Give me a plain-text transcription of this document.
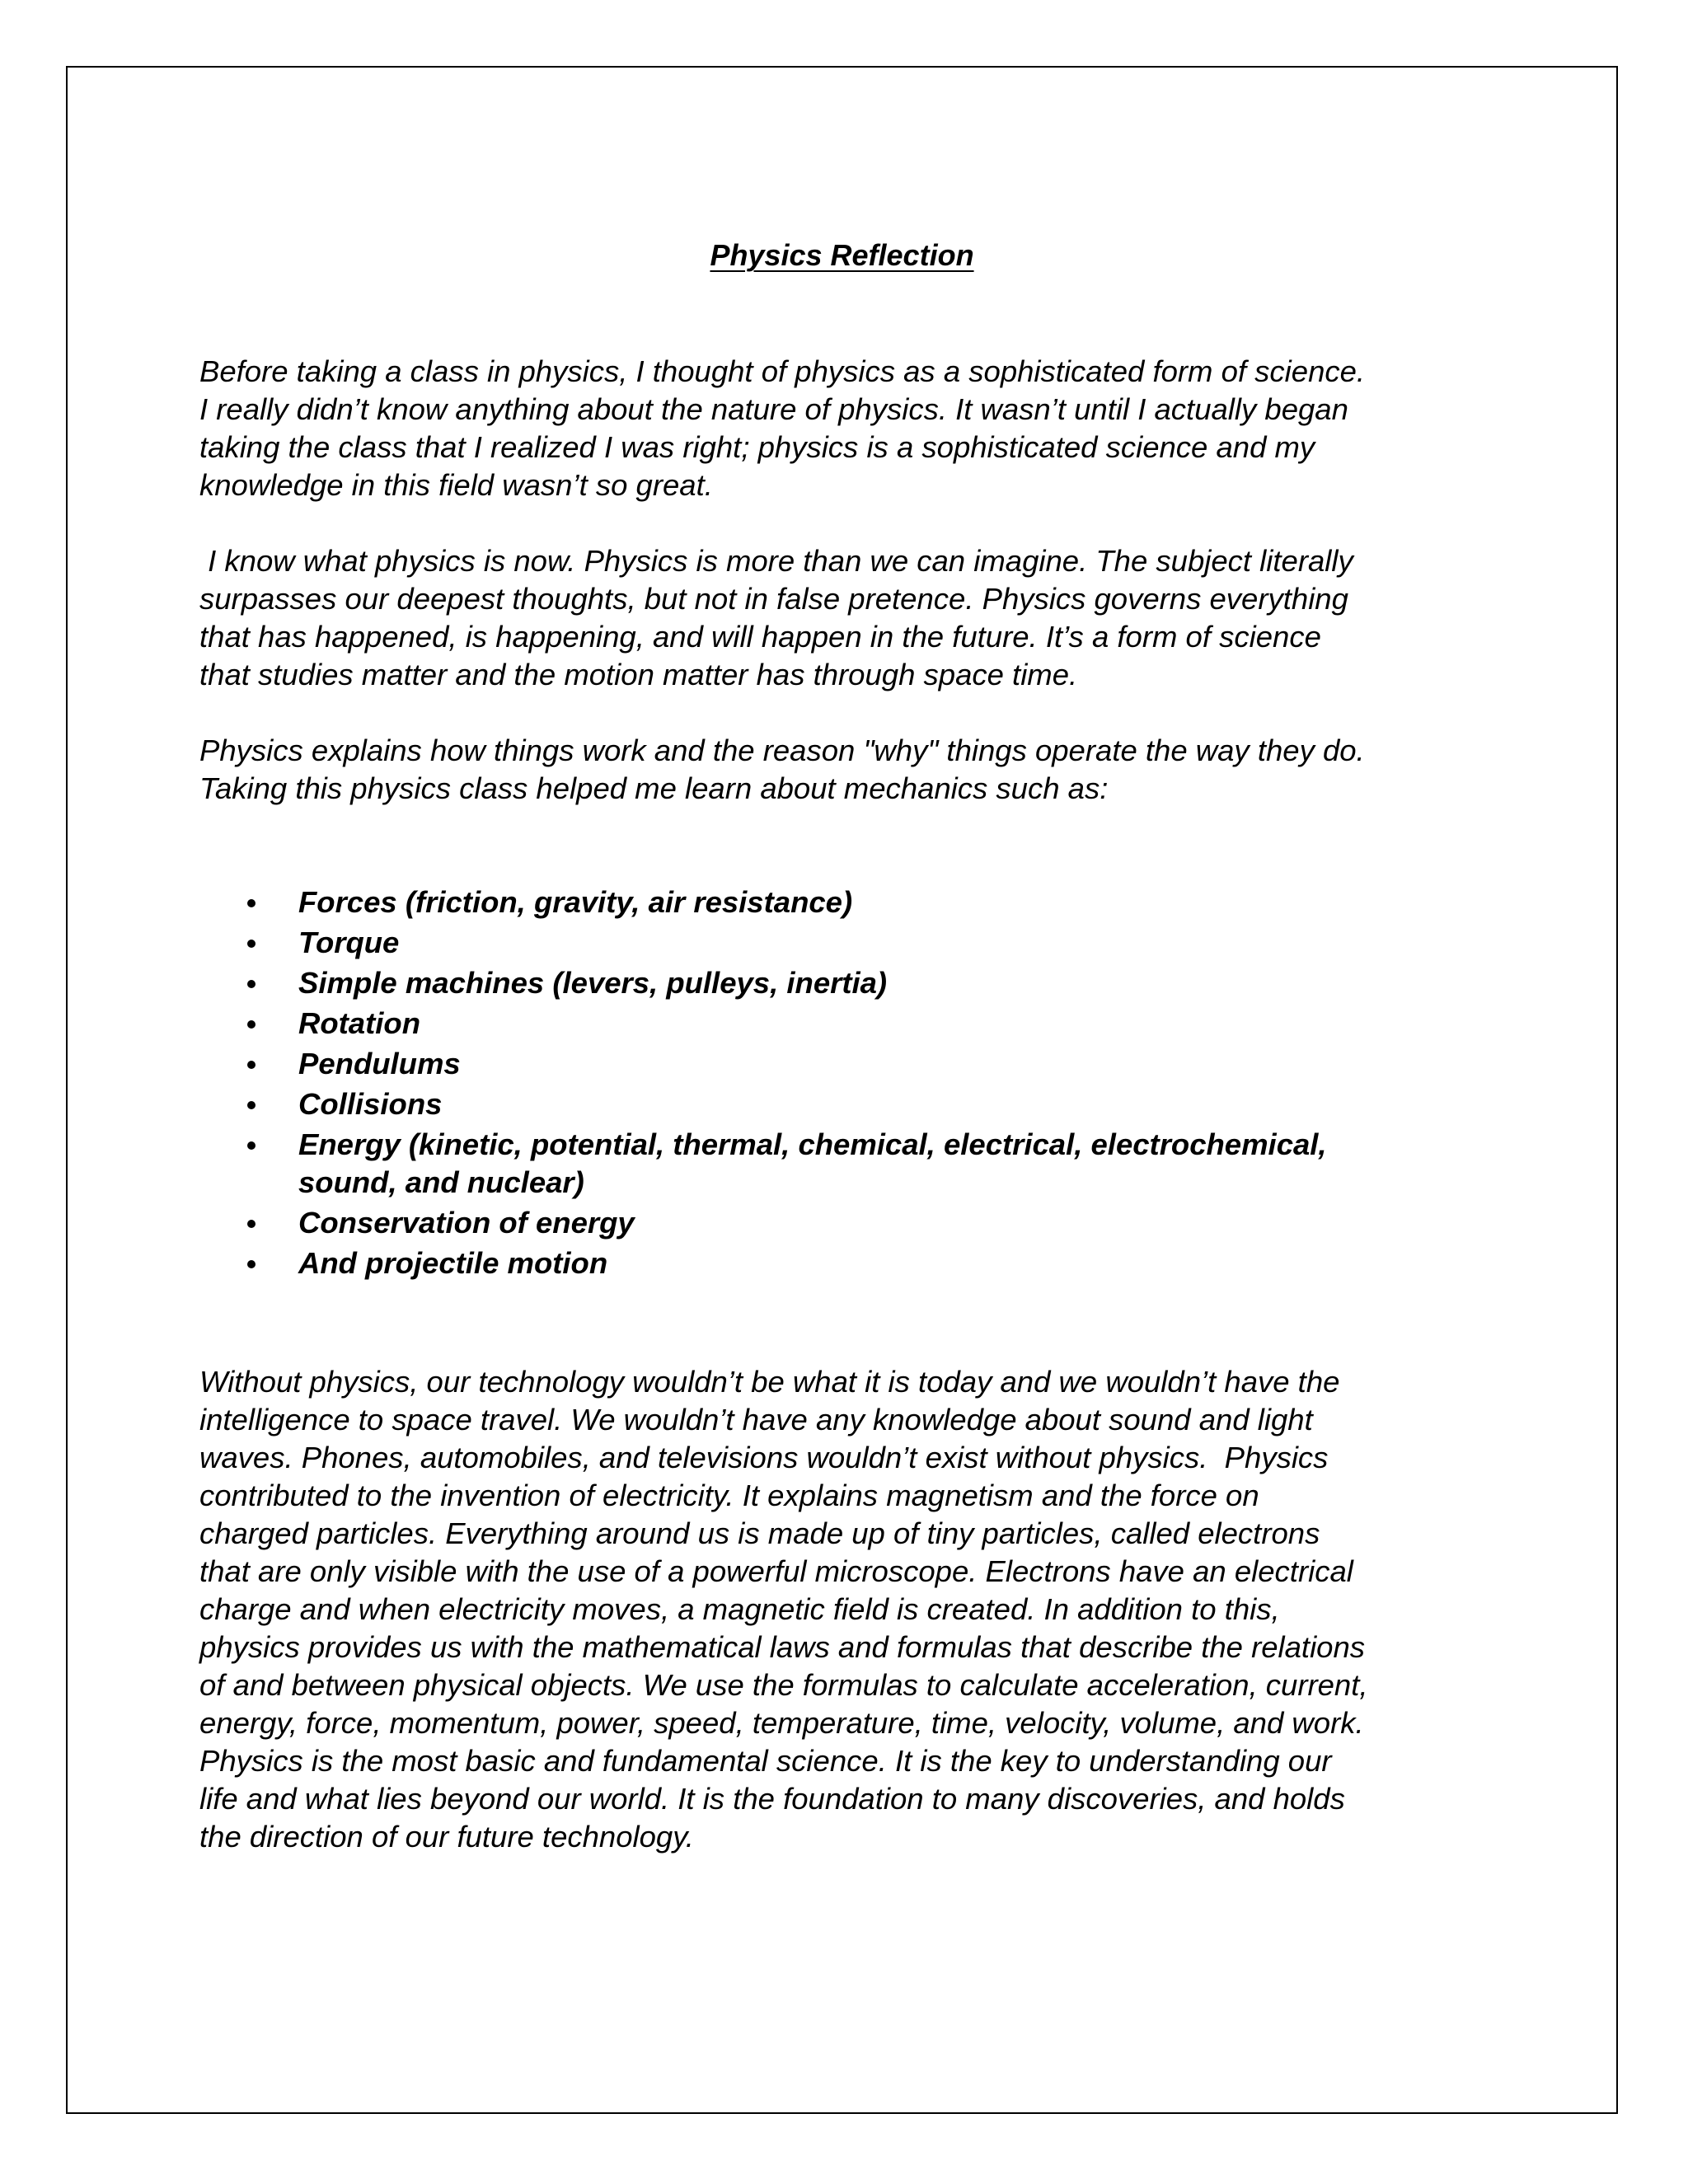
Physics Reflection

Before taking a class in physics, I thought of physics as a sophisticated form of science.
I really didn’t know anything about the nature of physics. It wasn’t until I actually began
taking the class that I realized I was right; physics is a sophisticated science and my
knowledge in this field wasn’t so great.

I know what physics is now. Physics is more than we can imagine. The subject literally
surpasses our deepest thoughts, but not in false pretence. Physics governs everything
that has happened, is happening, and will happen in the future. It’s a form of science
that studies matter and the motion matter has through space time.

Physics explains how things work and the reason "why" things operate the way they do.
Taking this physics class helped me learn about mechanics such as:

Forces (friction, gravity, air resistance)
Torque
Simple machines (levers, pulleys, inertia)
Rotation
Pendulums
Collisions
Energy (kinetic, potential, thermal, chemical, electrical, electrochemical,
sound, and nuclear)
Conservation of energy
And projectile motion

Without physics, our technology wouldn’t be what it is today and we wouldn’t have the
intelligence to space travel. We wouldn’t have any knowledge about sound and light
waves. Phones, automobiles, and televisions wouldn’t exist without physics.  Physics
contributed to the invention of electricity. It explains magnetism and the force on
charged particles. Everything around us is made up of tiny particles, called electrons
that are only visible with the use of a powerful microscope. Electrons have an electrical
charge and when electricity moves, a magnetic field is created. In addition to this,
physics provides us with the mathematical laws and formulas that describe the relations
of and between physical objects. We use the formulas to calculate acceleration, current,
energy, force, momentum, power, speed, temperature, time, velocity, volume, and work.
Physics is the most basic and fundamental science. It is the key to understanding our
life and what lies beyond our world. It is the foundation to many discoveries, and holds
the direction of our future technology.
